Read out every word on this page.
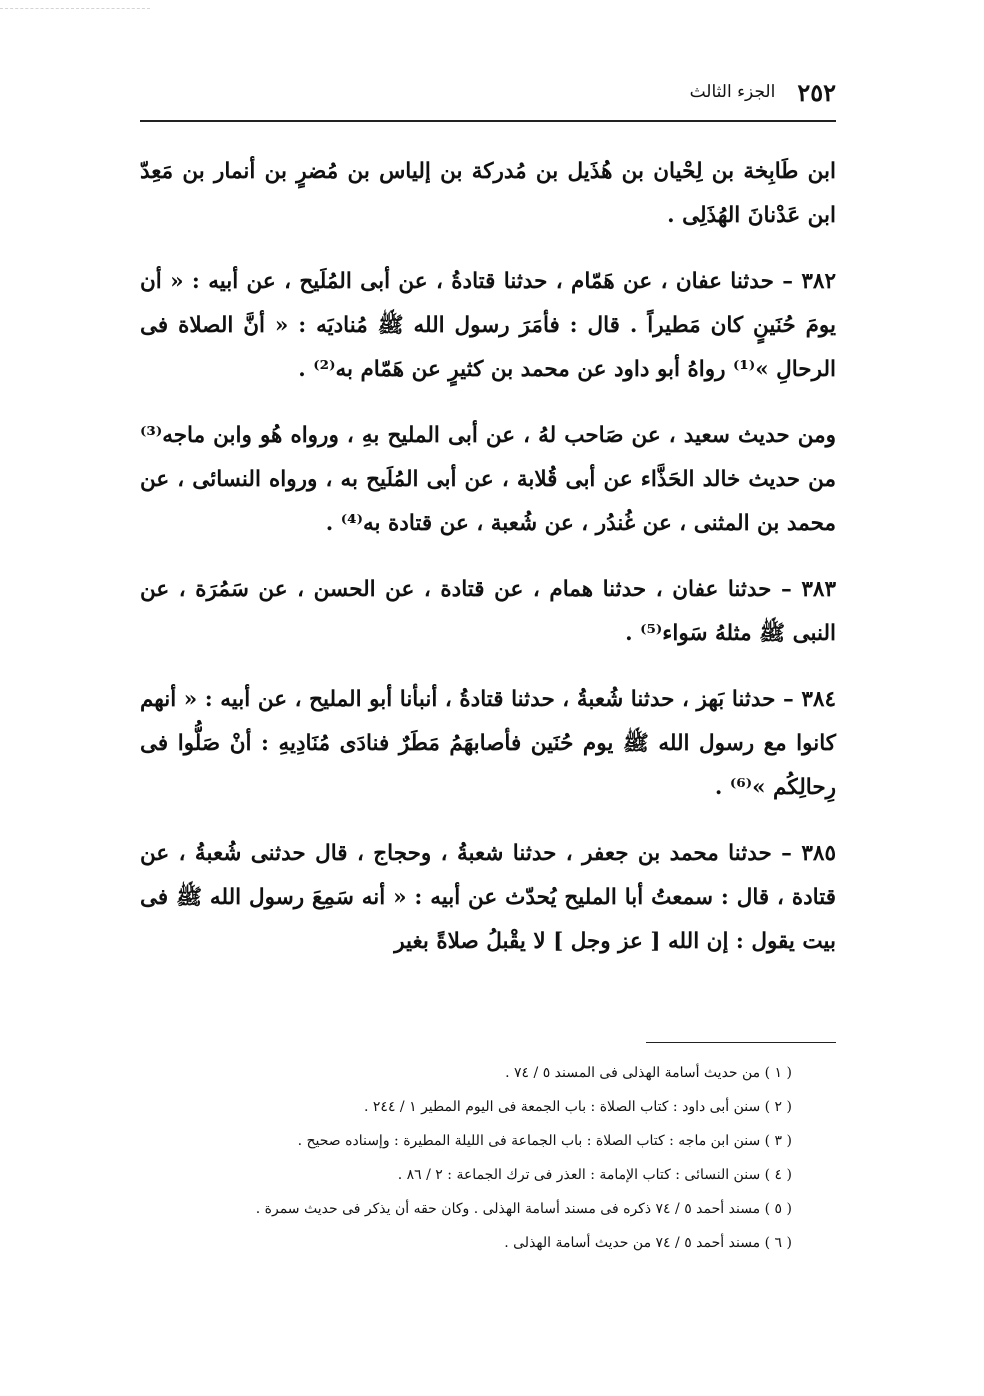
٢٥٢
الجزء الثالث

ابن طَابِخة بن لِحْيان بن هُذَيل بن مُدركة بن إلياس بن مُضرٍ بن أنمار بن مَعِدّ ابن عَدْنانَ الهُذَلِى .

٣٨٢ – حدثنا عفان ، عن هَمّام ، حدثنا قتادةُ ، عن أبى المُلَيح ، عن أبيه : « أن يومَ حُنَينٍ كان مَطيراً . قال : فأمَرَ رسول الله ﷺ مُناديَه : « أنَّ الصلاة فى الرحالِ »⁽¹⁾ رواهُ أبو داود عن محمد بن كثيرٍ عن هَمّام به⁽²⁾ .

ومن حديث سعيد ، عن صَاحب لهُ ، عن أبى المليح بهِ ، ورواه هُو وابن ماجه⁽³⁾ من حديث خالد الحَذَّاء عن أبى قُلابة ، عن أبى المُلَيح به ، ورواه النسائى ، عن محمد بن المثنى ، عن غُندُر ، عن شُعبة ، عن قتادة به⁽⁴⁾ .

٣٨٣ – حدثنا عفان ، حدثنا همام ، عن قتادة ، عن الحسن ، عن سَمُرَة ، عن النبى ﷺ مثلهُ سَواء⁽⁵⁾ .

٣٨٤ – حدثنا بَهز ، حدثنا شُعبةُ ، حدثنا قتادةُ ، أنبأنا أبو المليح ، عن أبيه : « أنهم كانوا مع رسول الله ﷺ يوم حُنَين فأصابهَمُ مَطَرٌ فنادَى مُنَادِيهِ : أنْ صَلُّوا فى رِحالِكُم »⁽⁶⁾ .

٣٨٥ – حدثنا محمد بن جعفر ، حدثنا شعبةُ ، وحجاج ، قال حدثنى شُعبةُ ، عن قتادة ، قال : سمعتُ أبا المليح يُحدّث عن أبيه : « أنه سَمِعَ رسول الله ﷺ فى بيت يقول : إن الله [ عز وجل ] لا يقْبلُ صلاةً بغير

( ١ ) من حديث أسامة الهذلى فى المسند ٥ / ٧٤ .
( ٢ ) سنن أبى داود : كتاب الصلاة : باب الجمعة فى اليوم المطير ١ / ٢٤٤ .
( ٣ ) سنن ابن ماجه : كتاب الصلاة : باب الجماعة فى الليلة المطيرة : وإسناده صحيح .
( ٤ ) سنن النسائى : كتاب الإمامة : العذر فى ترك الجماعة : ٢ / ٨٦ .
( ٥ ) مسند أحمد ٥ / ٧٤ ذكره فى مسند أسامة الهذلى . وكان حقه أن يذكر فى حديث سمرة .
( ٦ ) مسند أحمد ٥ / ٧٤ من حديث أسامة الهذلى .
